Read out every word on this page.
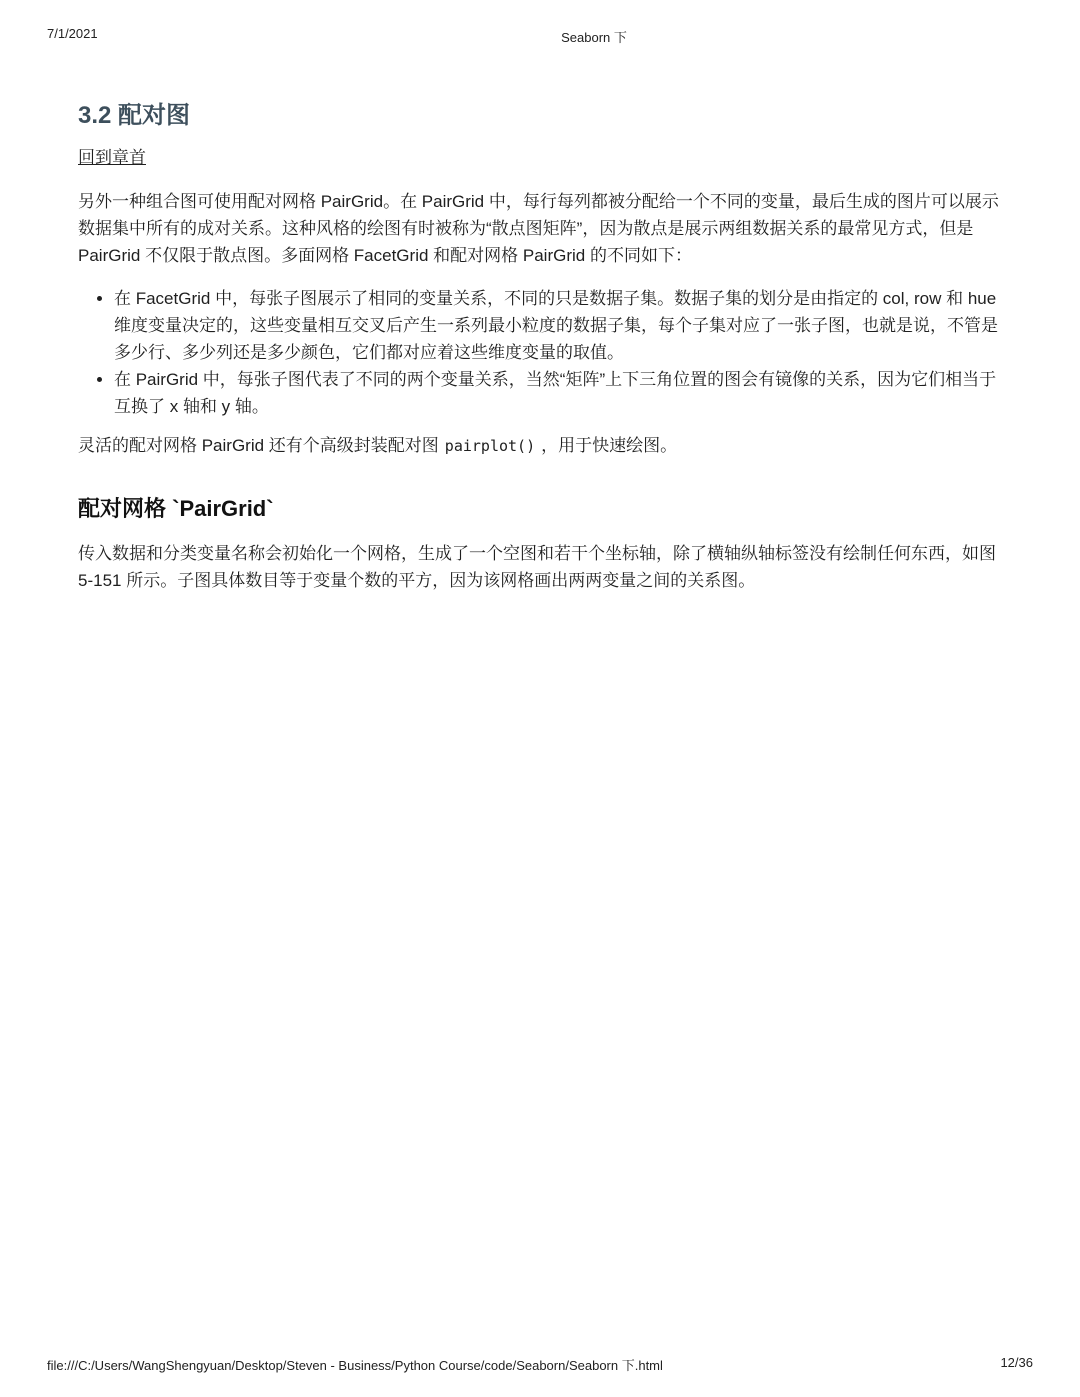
7/1/2021	Seaborn 下
3.2 配对图
回到章首

另外一种组合图可使用配对网格 PairGrid。在 PairGrid 中，每行每列都被分配给一个不同的变量，最后生成的图片可以展示数据集中所有的成对关系。这种风格的绘图有时被称为“散点图矩阵”，因为散点是展示两组数据关系的最常见方式，但是 PairGrid 不仅限于散点图。多面网格 FacetGrid 和配对网格 PairGrid 的不同如下：

• 在 FacetGrid 中，每张子图展示了相同的变量关系，不同的只是数据子集。数据子集的划分是由指定的 col, row 和 hue 维度变量决定的，这些变量相互交叉后产生一系列最小粒度的数据子集，每个子集对应了一张子图，也就是说，不管是多少行、多少列还是多少颜色，它们都对应着这些维度变量的取值。
• 在 PairGrid 中，每张子图代表了不同的两个变量关系，当然“矩阵”上下三角位置的图会有镜像的关系，因为它们相当于互换了 x 轴和 y 轴。

灵活的配对网格 PairGrid 还有个高级封装配对图 pairplot() ，用于快速绘图。

配对网格 `PairGrid`

传入数据和分类变量名称会初始化一个网格，生成了一个空图和若干个坐标轴，除了横轴纵轴标签没有绘制任何东西，如图 5-151 所示。子图具体数目等于变量个数的平方，因为该网格画出两两变量之间的关系图。

file:///C:/Users/WangShengyuan/Desktop/Steven - Business/Python Course/code/Seaborn/Seaborn 下.html	12/36
